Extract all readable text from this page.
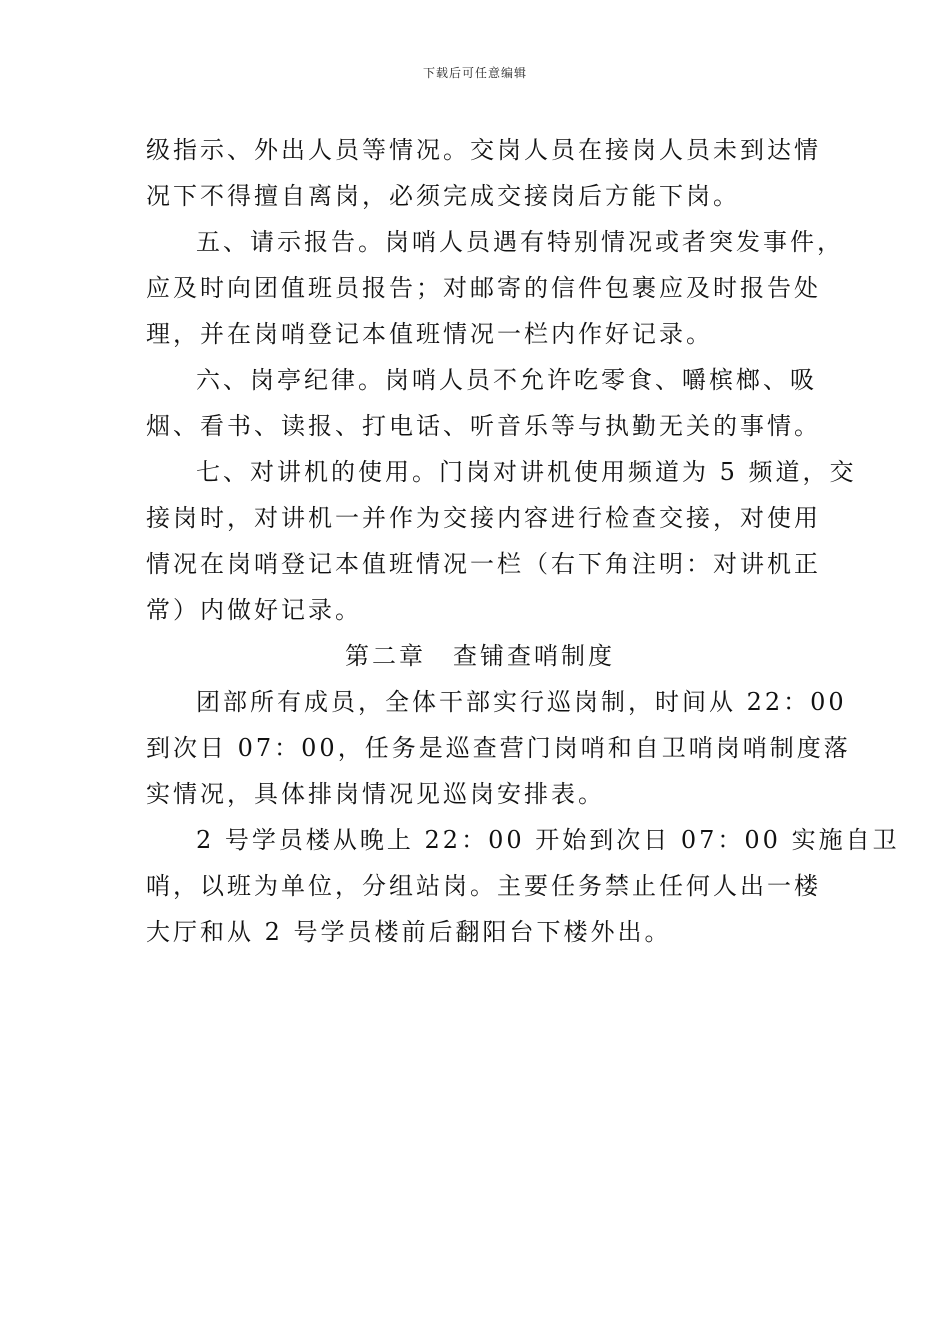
下载后可任意编辑
级指示、外出人员等情况。交岗人员在接岗人员未到达情
况下不得擅自离岗，必须完成交接岗后方能下岗。
五、请示报告。岗哨人员遇有特别情况或者突发事件，
应及时向团值班员报告；对邮寄的信件包裹应及时报告处
理，并在岗哨登记本值班情况一栏内作好记录。
六、岗亭纪律。岗哨人员不允许吃零食、嚼槟榔、吸
烟、看书、读报、打电话、听音乐等与执勤无关的事情。
七、对讲机的使用。门岗对讲机使用频道为 5 频道，交
接岗时，对讲机一并作为交接内容进行检查交接，对使用
情况在岗哨登记本值班情况一栏（右下角注明：对讲机正
常）内做好记录。
第二章　查铺查哨制度
团部所有成员，全体干部实行巡岗制，时间从 22：00
到次日 07：00，任务是巡查营门岗哨和自卫哨岗哨制度落
实情况，具体排岗情况见巡岗安排表。
2 号学员楼从晚上 22：00 开始到次日 07：00 实施自卫
哨，以班为单位，分组站岗。主要任务禁止任何人出一楼
大厅和从 2 号学员楼前后翻阳台下楼外出。
